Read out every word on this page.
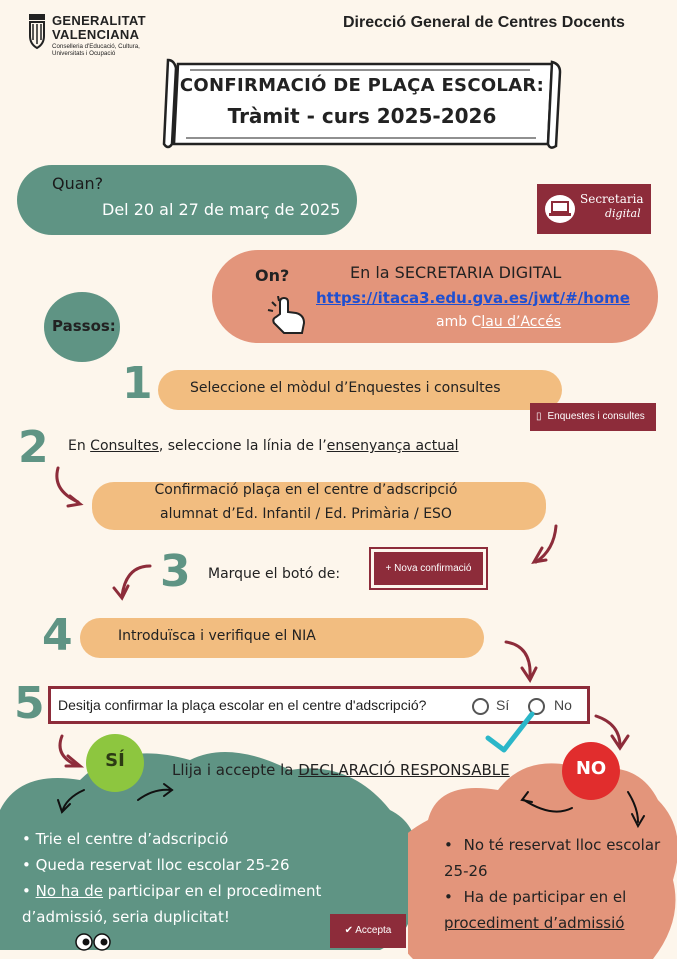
GENERALITAT
VALENCIANA
Conselleria d'Educació, Cultura,
Universitats i Ocupació
Direcció General de Centres Docents
CONFIRMACIÓ DE PLAÇA ESCOLAR:
Tràmit - curs 2025-2026
Quan?
Del 20 al 27 de març de 2025
Secretaria
digital
On?	En la SECRETARIA DIGITAL
https://itaca3.edu.gva.es/jwt/#/home
amb Clau d’Accés
Passos:
1	Seleccione el mòdul d’Enquestes i consultes
▯ Enquestes i consultes
2 En Consultes, seleccione la línia de l’ensenyança actual
Confirmació plaça en el centre d’adscripció
alumnat d’Ed. Infantil / Ed. Primària / ESO
3 Marque el botó de:	+ Nova confirmació
4	Introduïsca i verifique el NIA
5 Desitja confirmar la plaça escolar en el centre d'adscripció?	Sí	No
SÍ	NO
Llija i accepte la DECLARACIÓ RESPONSABLE
• Trie el centre d’adscripció
• Queda reservat lloc escolar 25-26
• No ha de participar en el procediment d’admissió, seria duplicitat!
• No té reservat lloc escolar 25-26
• Ha de participar en el procediment d’admissió
✔ Accepta
